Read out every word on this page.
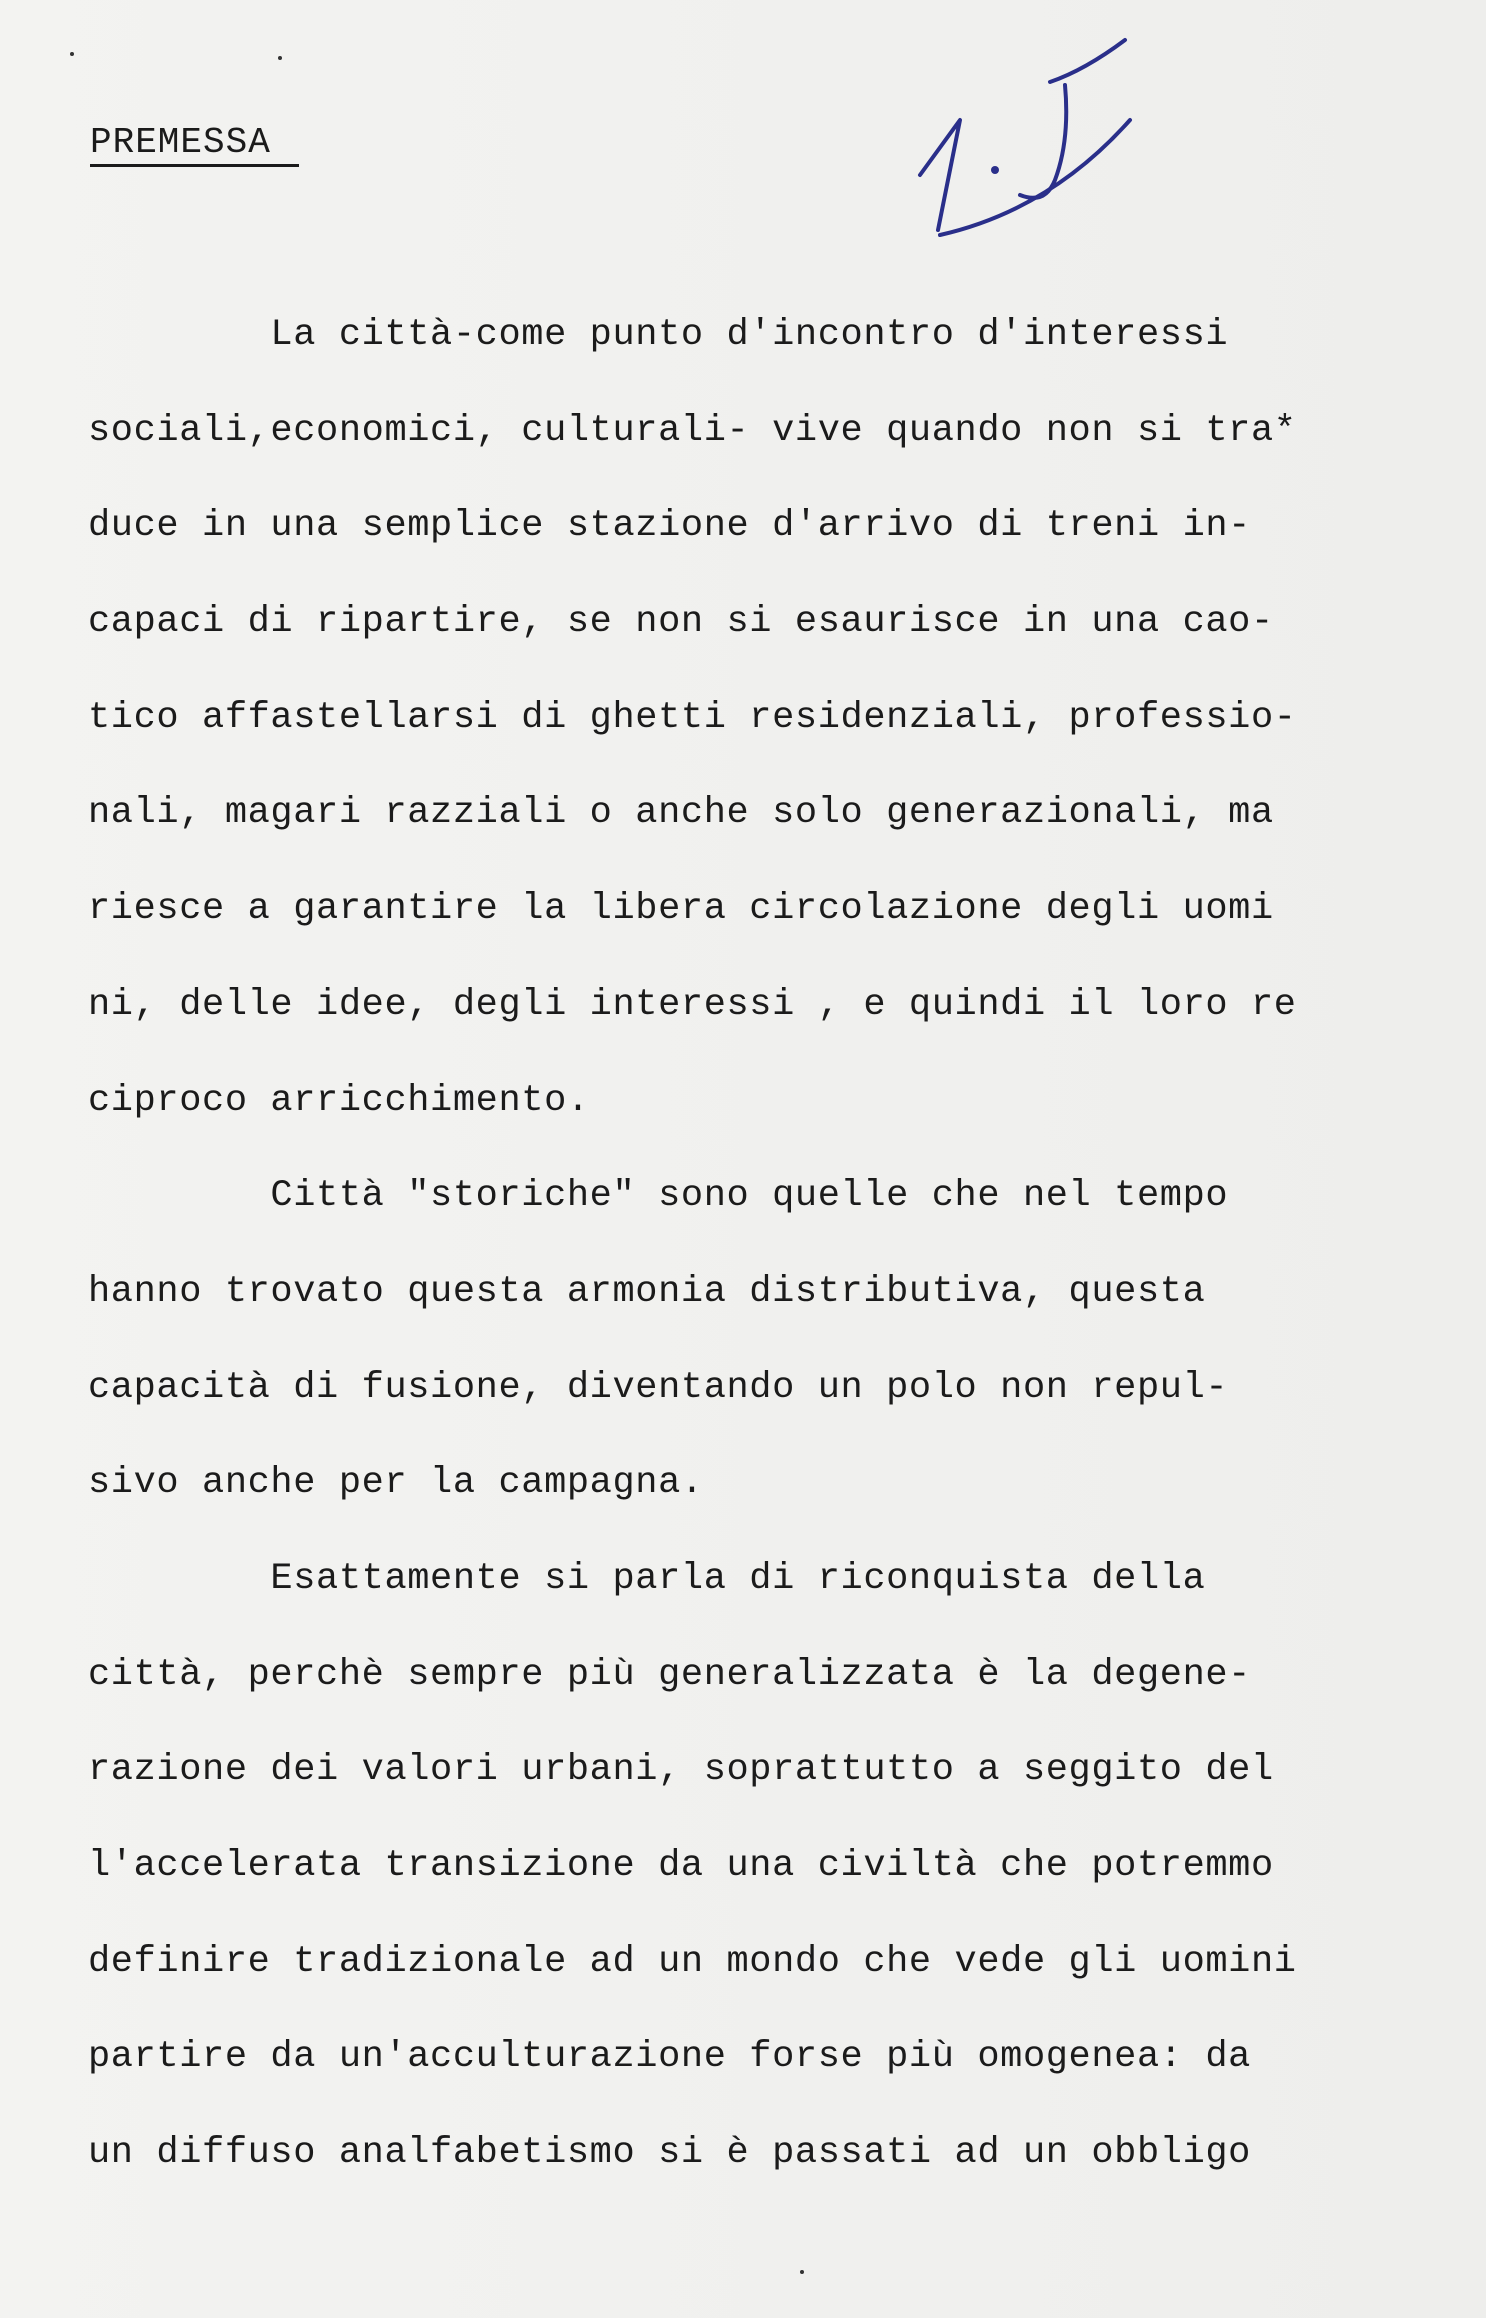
PREMESSA
La città-come punto d'incontro d'interessi
sociali,economici, culturali- vive quando non si tra*
duce in una semplice stazione d'arrivo di treni in-
capaci di ripartire, se non si esaurisce in una cao-
tico affastellarsi di ghetti residenziali, professio-
nali, magari razziali o anche solo generazionali, ma
riesce a garantire la libera circolazione degli uomi
ni, delle idee, degli interessi , e quindi il loro re
ciproco arricchimento.
Città "storiche" sono quelle che nel tempo
hanno trovato questa armonia distributiva, questa
capacità di fusione, diventando un polo non repul-
sivo anche per la campagna.
Esattamente si parla di riconquista della
città, perchè sempre più generalizzata è la degene-
razione dei valori urbani, soprattutto a seggito del
l'accelerata transizione da una civiltà che potremmo
definire tradizionale ad un mondo che vede gli uomini
partire da un'acculturazione forse più omogenea: da
un diffuso analfabetismo si è passati ad un obbligo
